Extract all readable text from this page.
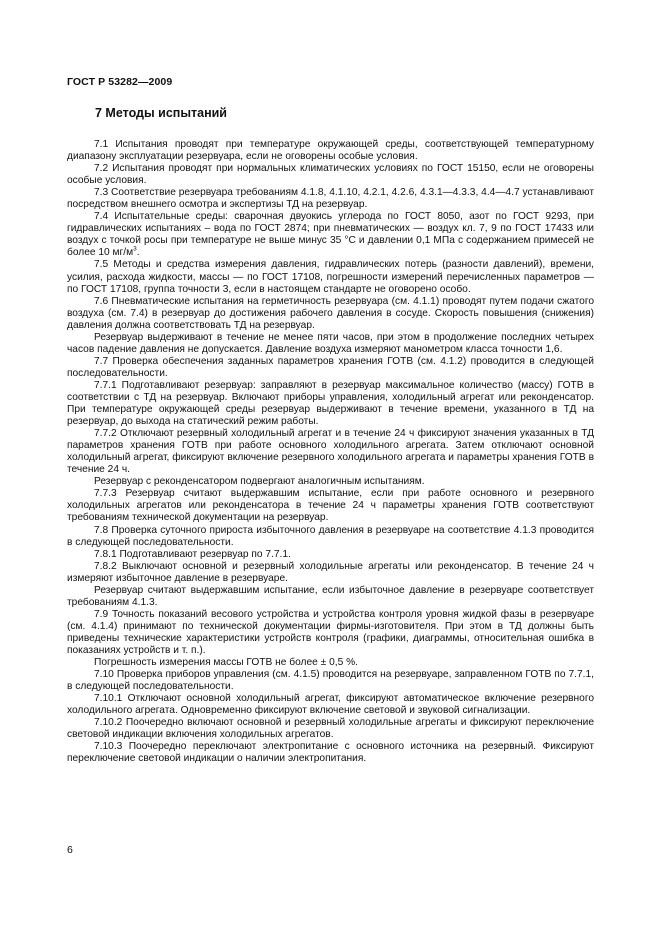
ГОСТ Р 53282—2009
7 Методы испытаний

7.1 Испытания проводят при температуре окружающей среды, соответствующей температурному диапазону эксплуатации резервуара, если не оговорены особые условия.

7.2 Испытания проводят при нормальных климатических условиях по ГОСТ 15150, если не оговорены особые условия.

7.3 Соответствие резервуара требованиям 4.1.8, 4.1.10, 4.2.1, 4.2.6, 4.3.1—4.3.3, 4.4—4.7 устанавливают посредством внешнего осмотра и экспертизы ТД на резервуар.

7.4 Испытательные среды: сварочная двуокись углерода по ГОСТ 8050, азот по ГОСТ 9293, при гидравлических испытаниях – вода по ГОСТ 2874; при пневматических — воздух кл. 7, 9 по ГОСТ 17433 или воздух с точкой росы при температуре не выше минус 35 °С и давлении 0,1 МПа с содержанием примесей не более 10 $мг/м^3$.

7.5 Методы и средства измерения давления, гидравлических потерь (разности давлений), времени, усилия, расхода жидкости, массы — по ГОСТ 17108, погрешности измерений перечисленных параметров — по ГОСТ 17108, группа точности 3, если в настоящем стандарте не оговорено особо.

7.6 Пневматические испытания на герметичность резервуара (см. 4.1.1) проводят путем подачи сжатого воздуха (см. 7.4) в резервуар до достижения рабочего давления в сосуде. Скорость повышения (снижения) давления должна соответствовать ТД на резервуар.

Резервуар выдерживают в течение не менее пяти часов, при этом в продолжение последних четырех часов падение давления не допускается. Давление воздуха измеряют манометром класса точности 1,6.

7.7 Проверка обеспечения заданных параметров хранения ГОТВ (см. 4.1.2) проводится в следующей последовательности.

7.7.1 Подготавливают резервуар: заправляют в резервуар максимальное количество (массу) ГОТВ в соответствии с ТД на резервуар. Включают приборы управления, холодильный агрегат или реконденсатор. При температуре окружающей среды резервуар выдерживают в течение времени, указанного в ТД на резервуар, до выхода на статический режим работы.

7.7.2 Отключают резервный холодильный агрегат и в течение 24 ч фиксируют значения указанных в ТД параметров хранения ГОТВ при работе основного холодильного агрегата. Затем отключают основной холодильный агрегат, фиксируют включение резервного холодильного агрегата и параметры хранения ГОТВ в течение 24 ч.

Резервуар с реконденсатором подвергают аналогичным испытаниям.

7.7.3 Резервуар считают выдержавшим испытание, если при работе основного и резервного холодильных агрегатов или реконденсатора в течение 24 ч параметры хранения ГОТВ соответствуют требованиям технической документации на резервуар.

7.8 Проверка суточного прироста избыточного давления в резервуаре на соответствие 4.1.3 проводится в следующей последовательности.

7.8.1 Подготавливают резервуар по 7.7.1.

7.8.2 Выключают основной и резервный холодильные агрегаты или реконденсатор. В течение 24 ч измеряют избыточное давление в резервуаре.

Резервуар считают выдержавшим испытание, если избыточное давление в резервуаре соответствует требованиям 4.1.3.

7.9 Точность показаний весового устройства и устройства контроля уровня жидкой фазы в резервуаре (см. 4.1.4) принимают по технической документации фирмы-изготовителя. При этом в ТД должны быть приведены технические характеристики устройств контроля (графики, диаграммы, относительная ошибка в показаниях устройств и т. п.).

Погрешность измерения массы ГОТВ не более ± 0,5 %.

7.10 Проверка приборов управления (см. 4.1.5) проводится на резервуаре, заправленном ГОТВ по 7.7.1, в следующей последовательности.

7.10.1 Отключают основной холодильный агрегат, фиксируют автоматическое включение резервного холодильного агрегата. Одновременно фиксируют включение световой и звуковой сигнализации.

7.10.2 Поочередно включают основной и резервный холодильные агрегаты и фиксируют переключение световой индикации включения холодильных агрегатов.

7.10.3 Поочередно переключают электропитание с основного источника на резервный. Фиксируют переключение световой индикации о наличии электропитания.

6
